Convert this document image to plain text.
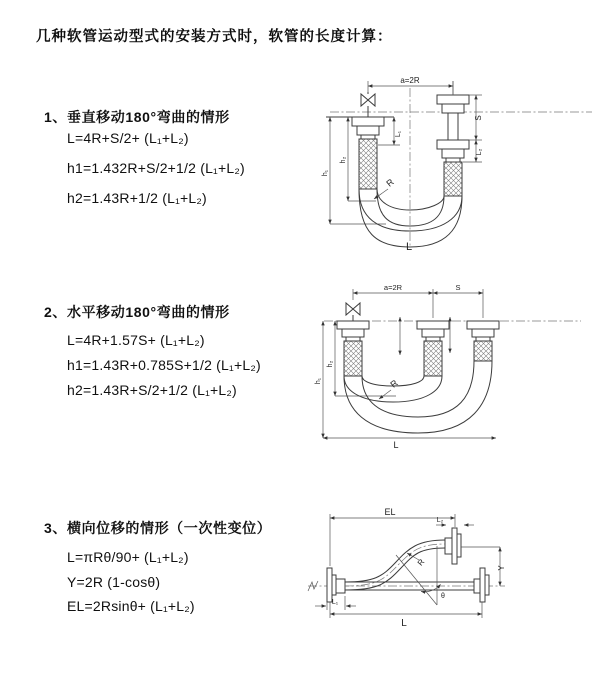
几种软管运动型式的安装方式时，软管的长度计算：
1、垂直移动180°弯曲的情形
L=4R+S/2+ (L₁+L₂)
h1=1.432R+S/2+1/2 (L₁+L₂)
h2=1.43R+1/2 (L₁+L₂)
2、水平移动180°弯曲的情形
L=4R+1.57S+ (L₁+L₂)
h1=1.43R+0.785S+1/2 (L₁+L₂)
h2=1.43R+S/2+1/2 (L₁+L₂)
3、横向位移的情形（一次性变位）
L=πRθ/90+ (L₁+L₂)
Y=2R (1-cosθ)
EL=2Rsinθ+ (L₁+L₂)
a=2R
L₁
S
L₂
h₁
h₂
R
L
a=2R	S
h₁
h₂
R
L
EL
L₂
Y
θ
R
L₁
L
